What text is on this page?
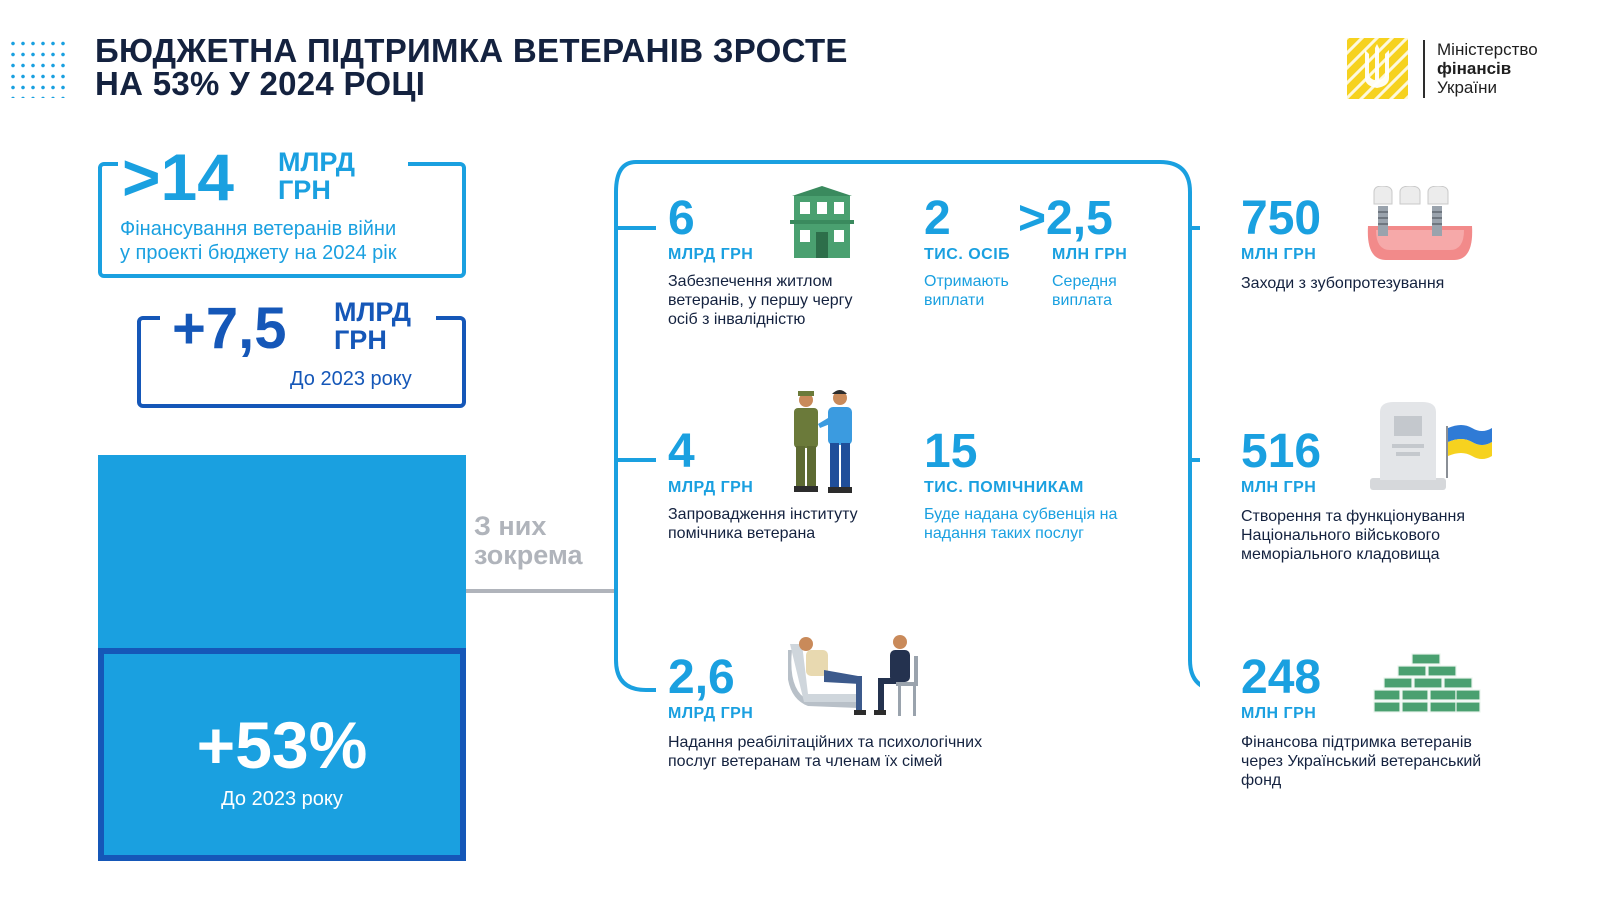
БЮДЖЕТНА ПІДТРИМКА ВЕТЕРАНІВ ЗРОСТЕ
НА 53% У 2024 РОЦІ
Міністерство
фінансів
України
>14 МЛРД
ГРН
Фінансування ветеранів війни
у проекті бюджету на 2024 рік
+7,5 МЛРД
ГРН
До 2023 року
+53%
До 2023 року
З них
зокрема
6
МЛРД ГРН
Забезпечення житлом
ветеранів, у першу чергу
осіб з інвалідністю
2
ТИС. ОСІБ
Отримають
виплати
>2,5
МЛН ГРН
Середня
виплата
4
МЛРД ГРН
Запровадження інституту
помічника ветерана
15
ТИС. ПОМІЧНИКАМ
Буде надана субвенція на
надання таких послуг
2,6
МЛРД ГРН
Надання реабілітаційних та психологічних
послуг ветеранам та членам їх сімей
750
МЛН ГРН
Заходи з зубопротезування
516
МЛН ГРН
Створення та функціонування
Національного військового
меморіального кладовища
248
МЛН ГРН
Фінансова підтримка ветеранів
через Український ветеранський
фонд
